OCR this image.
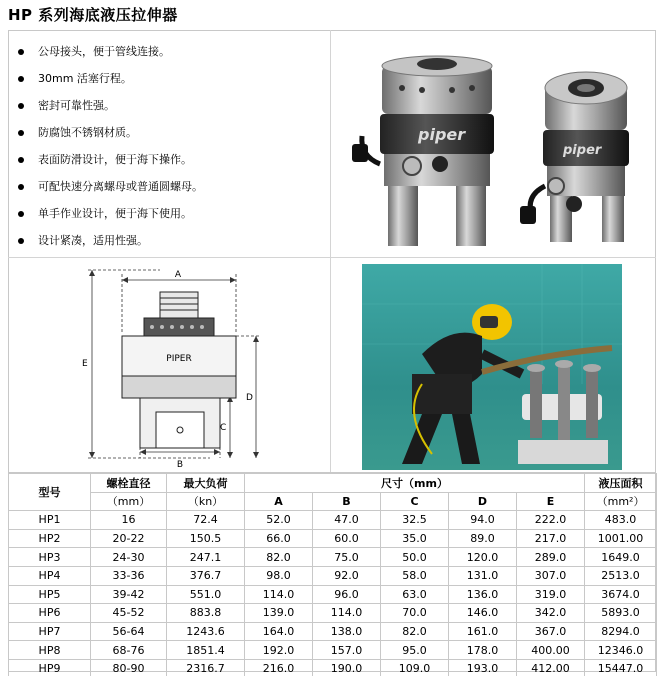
HP 系列海底液压拉伸器
公母接头，便于管线连接。
30mm 活塞行程。
密封可靠性强。
防腐蚀不锈钢材质。
表面防滑设计，便于海下操作。
可配快速分离螺母或普通圆螺母。
单手作业设计，便于海下使用。
设计紧凑，适用性强。
piper
piper
PIPER
A
B
C
D
E
型号	螺栓直径	最大负荷	尺寸（mm）					液压面积
	（mm）	（kn）	A	B	C	D	E	（mm²）
HP1	16	72.4	52.0	47.0	32.5	94.0	222.0	483.0
HP2	20-22	150.5	66.0	60.0	35.0	89.0	217.0	1001.00
HP3	24-30	247.1	82.0	75.0	50.0	120.0	289.0	1649.0
HP4	33-36	376.7	98.0	92.0	58.0	131.0	307.0	2513.0
HP5	39-42	551.0	114.0	96.0	63.0	136.0	319.0	3674.0
HP6	45-52	883.8	139.0	114.0	70.0	146.0	342.0	5893.0
HP7	56-64	1243.6	164.0	138.0	82.0	161.0	367.0	8294.0
HP8	68-76	1851.4	192.0	157.0	95.0	178.0	400.00	12346.0
HP9	80-90	2316.7	216.0	190.0	109.0	193.0	412.00	15447.0
